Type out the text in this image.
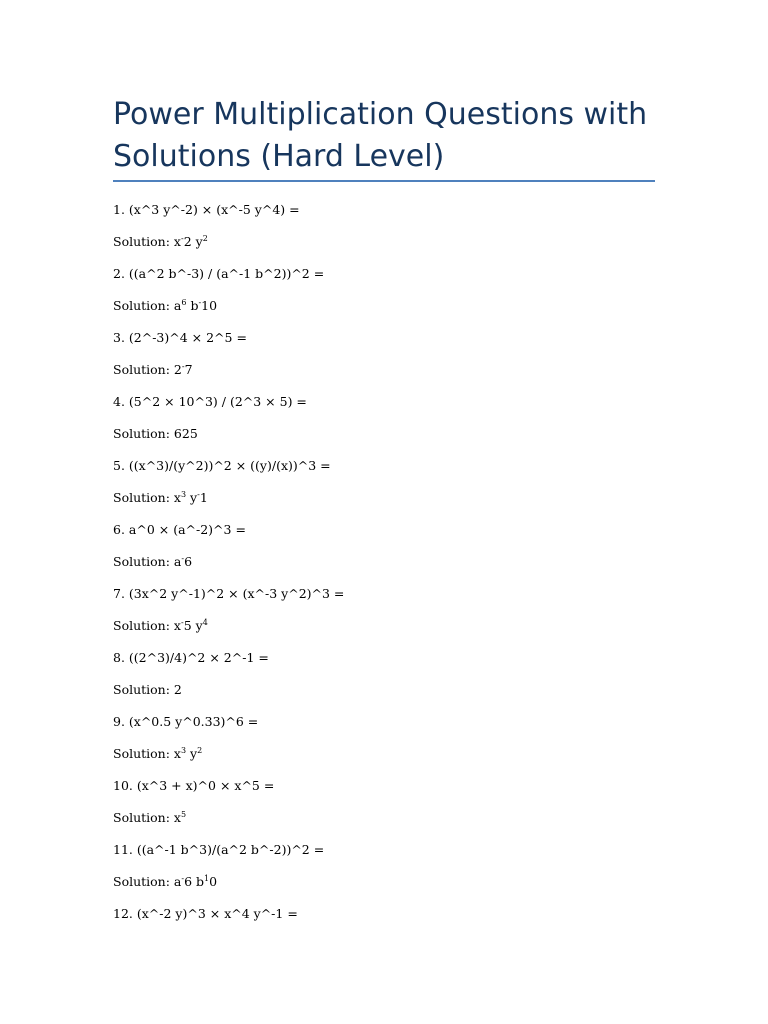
Power Multiplication Questions with Solutions (Hard Level)
1. (x^3 y^-2) × (x^-5 y^4) =
Solution: x-2 $y^2$
2. ((a^2 b^-3) / (a^-1 b^2))^2 =
Solution: $a^6$ b-10
3. (2^-3)^4 × 2^5 =
Solution: 2-7
4. (5^2 × 10^3) / (2^3 × 5) =
Solution: 625
5. ((x^3)/(y^2))^2 × ((y)/(x))^3 =
Solution: $x^3$ y-1
6. a^0 × (a^-2)^3 =
Solution: a-6
7. (3x^2 y^-1)^2 × (x^-3 y^2)^3 =
Solution: x-5 $y^4$
8. ((2^3)/4)^2 × 2^-1 =
Solution: 2
9. (x^0.5 y^0.33)^6 =
Solution: $x^3$ $y^2$
10. (x^3 + x)^0 × x^5 =
Solution: $x^5$
11. ((a^-1 b^3)/(a^2 b^-2))^2 =
Solution: a-6 $b^10$
12. (x^-2 y)^3 × x^4 y^-1 =
